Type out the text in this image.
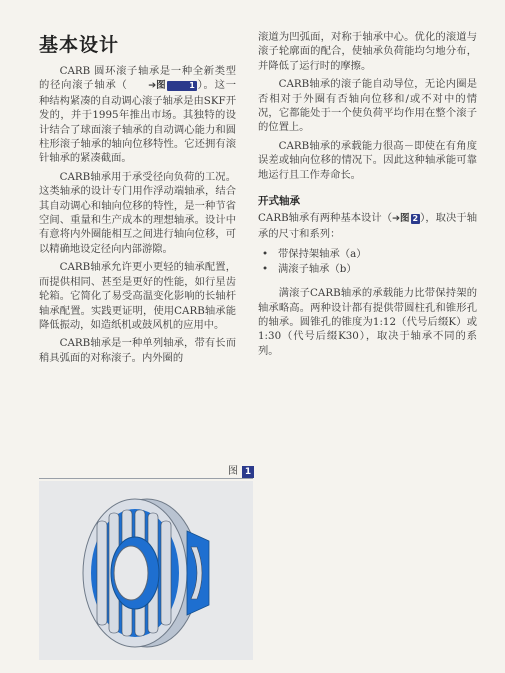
基本设计

CARB 圆环滚子轴承是一种全新类型的径向滚子轴承（ ➔图	1 ）。这一种结构紧凑的自动调心滚子轴承是由SKF开发的，并于1995年推出市场。其独特的设计结合了球面滚子轴承的自动调心能力和圆柱形滚子轴承的轴向位移特性。它还拥有滚针轴承的紧凑截面。

CARB轴承用于承受径向负荷的工况。这类轴承的设计专门用作浮动端轴承，结合其自动调心和轴向位移的特性，是一种节省空间、重量和生产成本的理想轴承。设计中有意将内外圈能相互之间进行轴向位移，可以精确地设定径向内部游隙。

CARB轴承允许更小更轻的轴承配置，而提供相同、甚至是更好的性能，如行星齿轮箱。它简化了易受高温变化影响的长轴杆轴承配置。实践更证明，使用CARB轴承能降低振动，如造纸机或鼓风机的应用中。

CARB轴承是一种单列轴承，带有长而稍具弧面的对称滚子。内外圈的

滚道为凹弧面，对称于轴承中心。优化的滚道与滚子轮廓面的配合，使轴承负荷能均匀地分布，并降低了运行时的摩擦。

CARB轴承的滚子能自动导位，无论内圈是否相对于外圈有否轴向位移和/或不对中的情况，它都能处于一个使负荷平均作用在整个滚子的位置上。

CARB轴承的承载能力很高－即使在有角度误差或轴向位移的情况下。因此这种轴承能可靠地运行且工作寿命长。

开式轴承

CARB轴承有两种基本设计（➔图 2 ），取决于轴承的尺寸和系列：

• 带保持架轴承（a）
• 满滚子轴承（b）

满滚子CARB轴承的承载能力比带保持架的轴承略高。两种设计都有提供带圆柱孔和锥形孔的轴承。圆锥孔的锥度为1:12（代号后缀K）或1:30（代号后缀K30），取决于轴承不同的系列。

图 1
